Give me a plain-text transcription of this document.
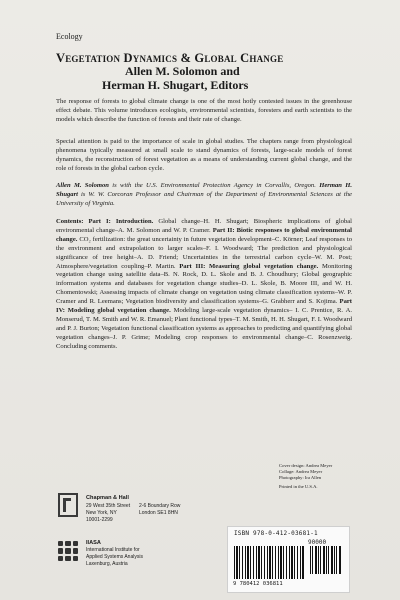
Ecology
Vegetation Dynamics & Global Change
Allen M. Solomon and
Herman H. Shugart, Editors
The response of forests to global climate change is one of the most hotly contested issues in the greenhouse effect debate. This volume introduces ecologists, environmental scientists, foresters and earth scientists to the models which describe the function of forests and their rate of change.
Special attention is paid to the importance of scale in global studies. The chapters range from physiological phenomena typically measured at small scale to stand dynamics of forests, large-scale models of forest dynamics, the reconstruction of forest vegetation as a means of understanding current global change, and the role of forests in the global carbon cycle.
Allen M. Solomon is with the U.S. Environmental Protection Agency in Corvallis, Oregon. Herman H. Shugart is W. W. Corcoran Professor and Chairman of the Department of Environmental Sciences at the University of Virginia.
Contents: Part I: Introduction. Global change–H. H. Shugart; Biospheric implications of global environmental change–A. M. Solomon and W. P. Cramer. Part II: Biotic responses to global environmental change. CO₂ fertilization: the great uncertainty in future vegetation development–C. Körner; Leaf responses to the environment and extrapolation to larger scales–F. I. Woodward; The prediction and physiological significance of tree height–A. D. Friend; Uncertainties in the terrestrial carbon cycle–W. M. Post; Atmosphere/vegetation coupling–P. Martin. Part III: Measuring global vegetation change. Monitoring vegetation change using satellite data–B. N. Rock, D. L. Skole and B. J. Choudhury; Global geographic information systems and databases for vegetation change studies–D. L. Skole, B. Moore III, and W. H. Chomentowski; Assessing impacts of climate change on vegetation using climate classification systems–W. P. Cramer and R. Leemans; Vegetation biodiversity and classification systems–G. Grabherr and S. Kojima. Part IV: Modeling global vegetation change. Modeling large-scale vegetation dynamics– I. C. Prentice, R. A. Monserud, T. M. Smith and W. R. Emanuel; Plant functional types–T. M. Smith, H. H. Shugart, F. I. Woodward and P. J. Burton; Vegetation functional classification systems as approaches to predicting and quantifying global vegetation changes–J. P. Grime; Modeling crop responses to environmental change–C. Rosenzweig. Concluding comments.
Cover design: Andrea Meyer
Collage: Andrea Meyer
Photography: Ira Allen
Printed in the U.S.A.
Chapman & Hall
29 West 35th Street
New York, NY
10001-2299
2-6 Boundary Row
London SE1 8HN
IIASA
International Institute for
Applied Systems Analysis
Laxenburg, Austria
ISBN 978-0-412-03681-1
90000
9 780412 036811
